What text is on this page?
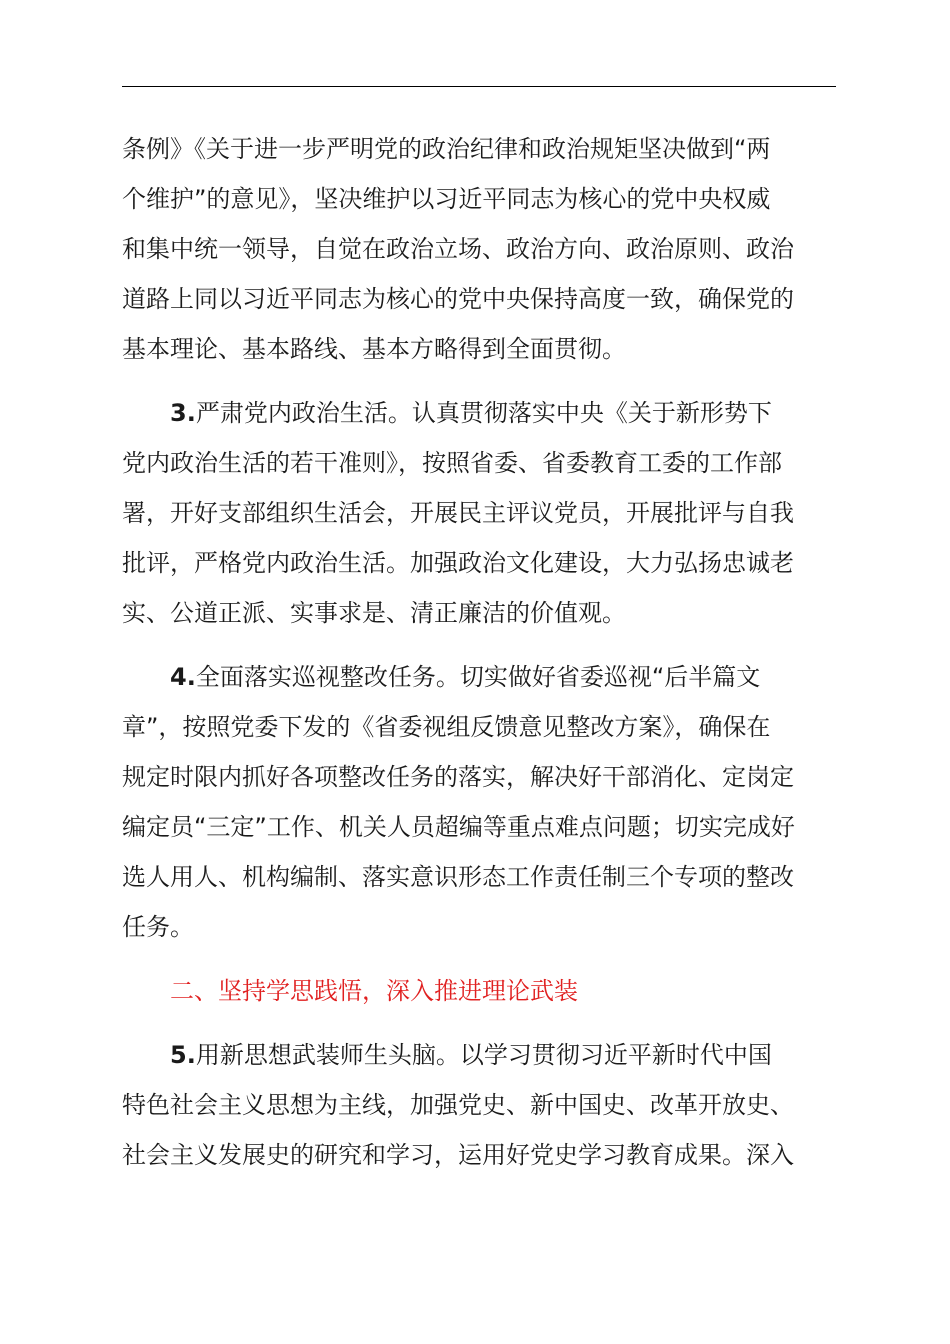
条例》《关于进一步严明党的政治纪律和政治规矩坚决做到“两
个维护”的意见》，坚决维护以习近平同志为核心的党中央权威
和集中统一领导，自觉在政治立场、政治方向、政治原则、政治
道路上同以习近平同志为核心的党中央保持高度一致，确保党的
基本理论、基本路线、基本方略得到全面贯彻。
3.严肃党内政治生活。认真贯彻落实中央《关于新形势下
党内政治生活的若干准则》，按照省委、省委教育工委的工作部
署，开好支部组织生活会，开展民主评议党员，开展批评与自我
批评，严格党内政治生活。加强政治文化建设，大力弘扬忠诚老
实、公道正派、实事求是、清正廉洁的价值观。
4.全面落实巡视整改任务。切实做好省委巡视“后半篇文
章”，按照党委下发的《省委视组反馈意见整改方案》，确保在
规定时限内抓好各项整改任务的落实，解决好干部消化、定岗定
编定员“三定”工作、机关人员超编等重点难点问题；切实完成好
选人用人、机构编制、落实意识形态工作责任制三个专项的整改
任务。
二、坚持学思践悟，深入推进理论武装
5.用新思想武装师生头脑。以学习贯彻习近平新时代中国
特色社会主义思想为主线，加强党史、新中国史、改革开放史、
社会主义发展史的研究和学习，运用好党史学习教育成果。深入
